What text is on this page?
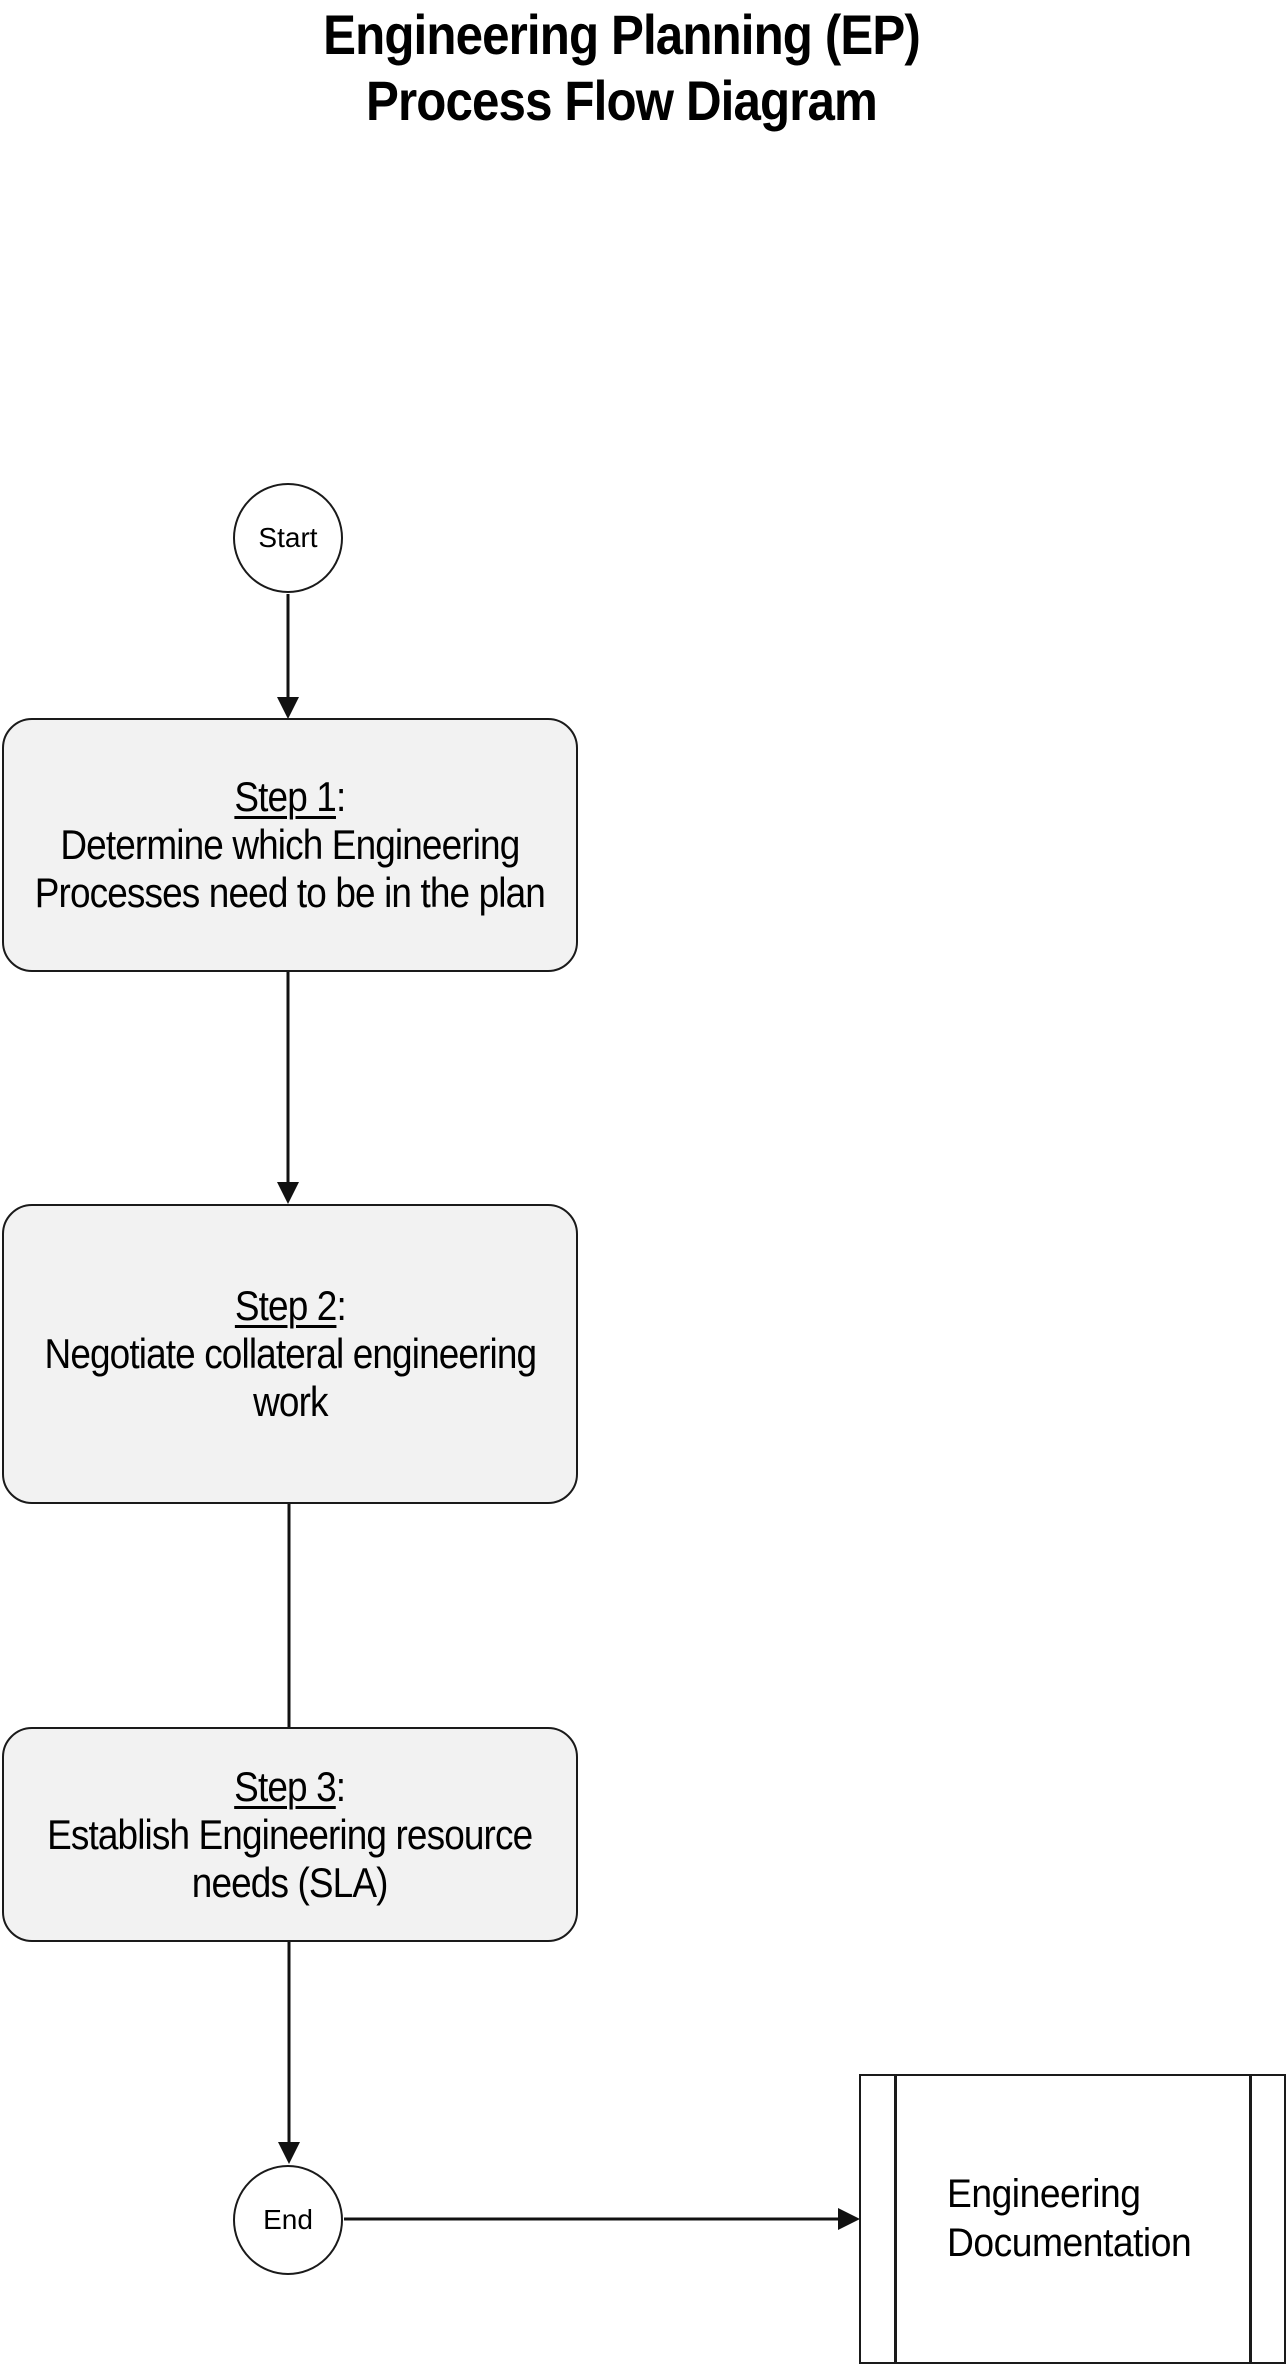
Engineering Planning (EP)
Process Flow Diagram
Start
Step 1:
Determine which Engineering
Processes need to be in the plan
Step 2:
Negotiate collateral engineering
work
Step 3:
Establish Engineering resource
needs (SLA)
End
Engineering
Documentation
